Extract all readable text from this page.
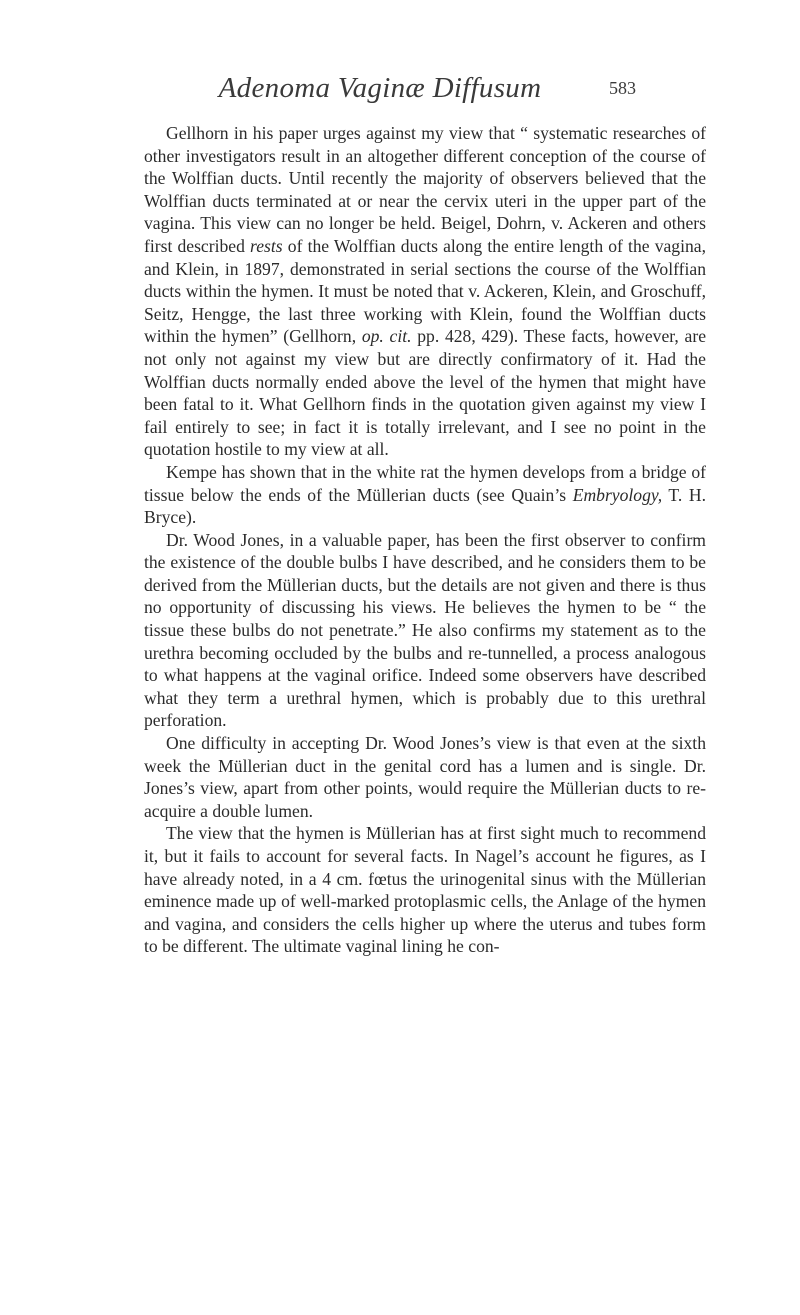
Adenoma Vaginæ Diffusum	583

Gellhorn in his paper urges against my view that “ systematic researches of other investigators result in an altogether different conception of the course of the Wolffian ducts. Until recently the majority of observers believed that the Wolffian ducts terminated at or near the cervix uteri in the upper part of the vagina. This view can no longer be held. Beigel, Dohrn, v. Ackeren and others first described rests of the Wolffian ducts along the entire length of the vagina, and Klein, in 1897, demonstrated in serial sections the course of the Wolffian ducts within the hymen. It must be noted that v. Ackeren, Klein, and Groschuff, Seitz, Hengge, the last three working with Klein, found the Wolffian ducts within the hymen” (Gellhorn, op. cit. pp. 428, 429). These facts, however, are not only not against my view but are directly confirmatory of it. Had the Wolffian ducts normally ended above the level of the hymen that might have been fatal to it. What Gellhorn finds in the quotation given against my view I fail entirely to see; in fact it is totally irrelevant, and I see no point in the quotation hostile to my view at all.

Kempe has shown that in the white rat the hymen develops from a bridge of tissue below the ends of the Müllerian ducts (see Quain’s Embryology, T. H. Bryce).

Dr. Wood Jones, in a valuable paper, has been the first observer to confirm the existence of the double bulbs I have described, and he considers them to be derived from the Müllerian ducts, but the details are not given and there is thus no opportunity of discussing his views. He believes the hymen to be “ the tissue these bulbs do not penetrate.” He also confirms my statement as to the urethra becoming occluded by the bulbs and re-tunnelled, a process analogous to what happens at the vaginal orifice. Indeed some observers have described what they term a urethral hymen, which is probably due to this urethral perforation.

One difficulty in accepting Dr. Wood Jones’s view is that even at the sixth week the Müllerian duct in the genital cord has a lumen and is single. Dr. Jones’s view, apart from other points, would require the Müllerian ducts to re-acquire a double lumen.

The view that the hymen is Müllerian has at first sight much to recommend it, but it fails to account for several facts. In Nagel’s account he figures, as I have already noted, in a 4 cm. fœtus the urinogenital sinus with the Müllerian eminence made up of well-marked protoplasmic cells, the Anlage of the hymen and vagina, and considers the cells higher up where the uterus and tubes form to be different. The ultimate vaginal lining he con-
